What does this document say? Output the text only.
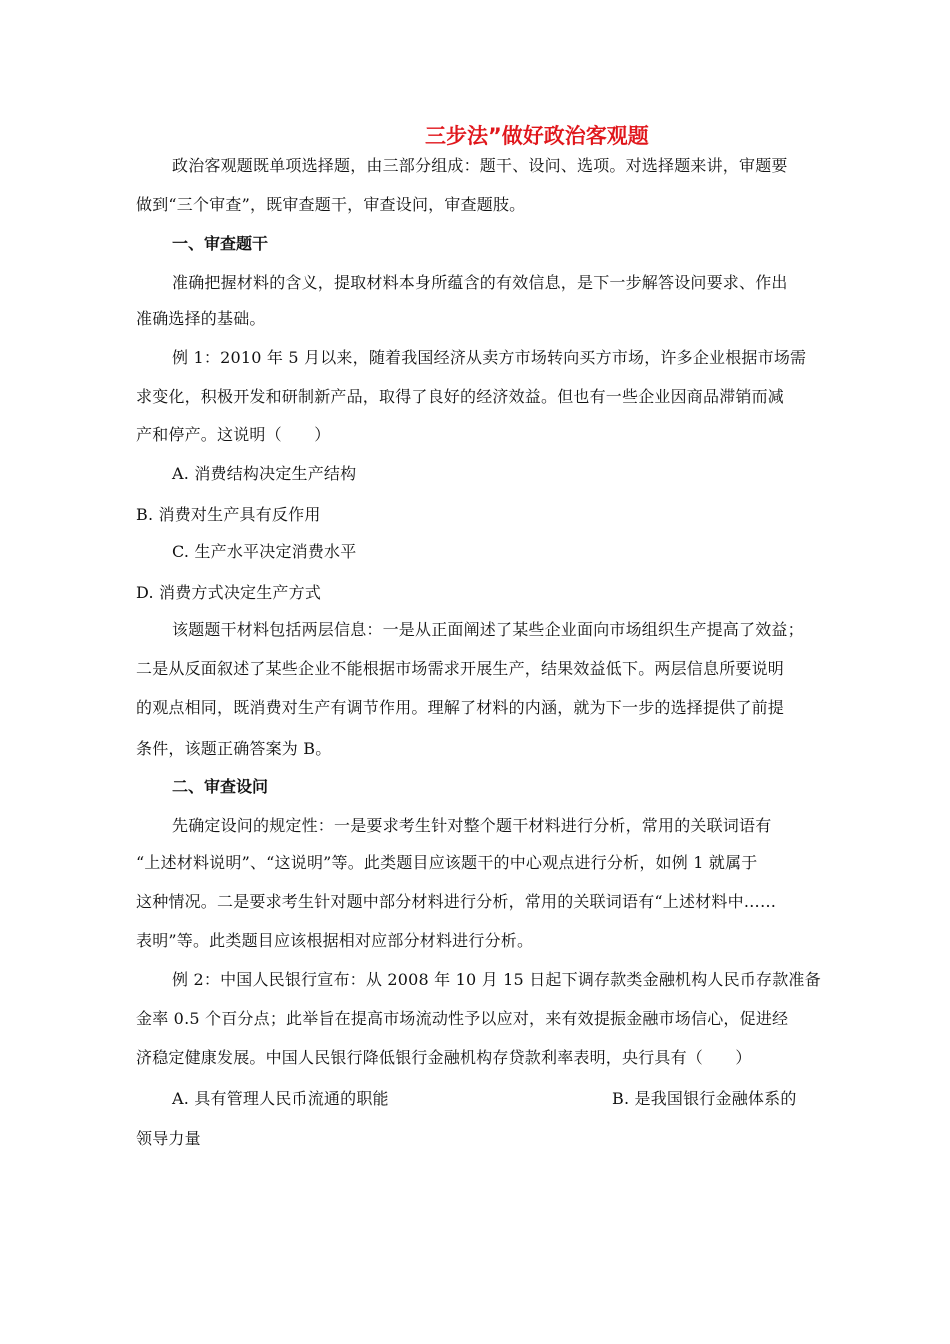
三步法”做好政治客观题
政治客观题既单项选择题，由三部分组成：题干、设问、选项。对选择题来讲，审题要
做到“三个审查”，既审查题干，审查设问，审查题肢。
一、审查题干
准确把握材料的含义，提取材料本身所蕴含的有效信息，是下一步解答设问要求、作出
准确选择的基础。
例 1：2010 年 5 月以来，随着我国经济从卖方市场转向买方市场，许多企业根据市场需
求变化，积极开发和研制新产品，取得了良好的经济效益。但也有一些企业因商品滞销而减
产和停产。这说明（　　）
A. 消费结构决定生产结构
B. 消费对生产具有反作用
C. 生产水平决定消费水平
D. 消费方式决定生产方式
该题题干材料包括两层信息：一是从正面阐述了某些企业面向市场组织生产提高了效益；
二是从反面叙述了某些企业不能根据市场需求开展生产，结果效益低下。两层信息所要说明
的观点相同，既消费对生产有调节作用。理解了材料的内涵，就为下一步的选择提供了前提
条件，该题正确答案为 B。
二、审查设问
先确定设问的规定性：一是要求考生针对整个题干材料进行分析，常用的关联词语有
“上述材料说明”、“这说明”等。此类题目应该题干的中心观点进行分析，如例 1 就属于
这种情况。二是要求考生针对题中部分材料进行分析，常用的关联词语有“上述材料中……
表明”等。此类题目应该根据相对应部分材料进行分析。
例 2：中国人民银行宣布：从 2008 年 10 月 15 日起下调存款类金融机构人民币存款准备
金率 0.5 个百分点；此举旨在提高市场流动性予以应对，来有效提振金融市场信心，促进经
济稳定健康发展。中国人民银行降低银行金融机构存贷款利率表明，央行具有（　　）
A. 具有管理人民币流通的职能	B. 是我国银行金融体系的
领导力量
